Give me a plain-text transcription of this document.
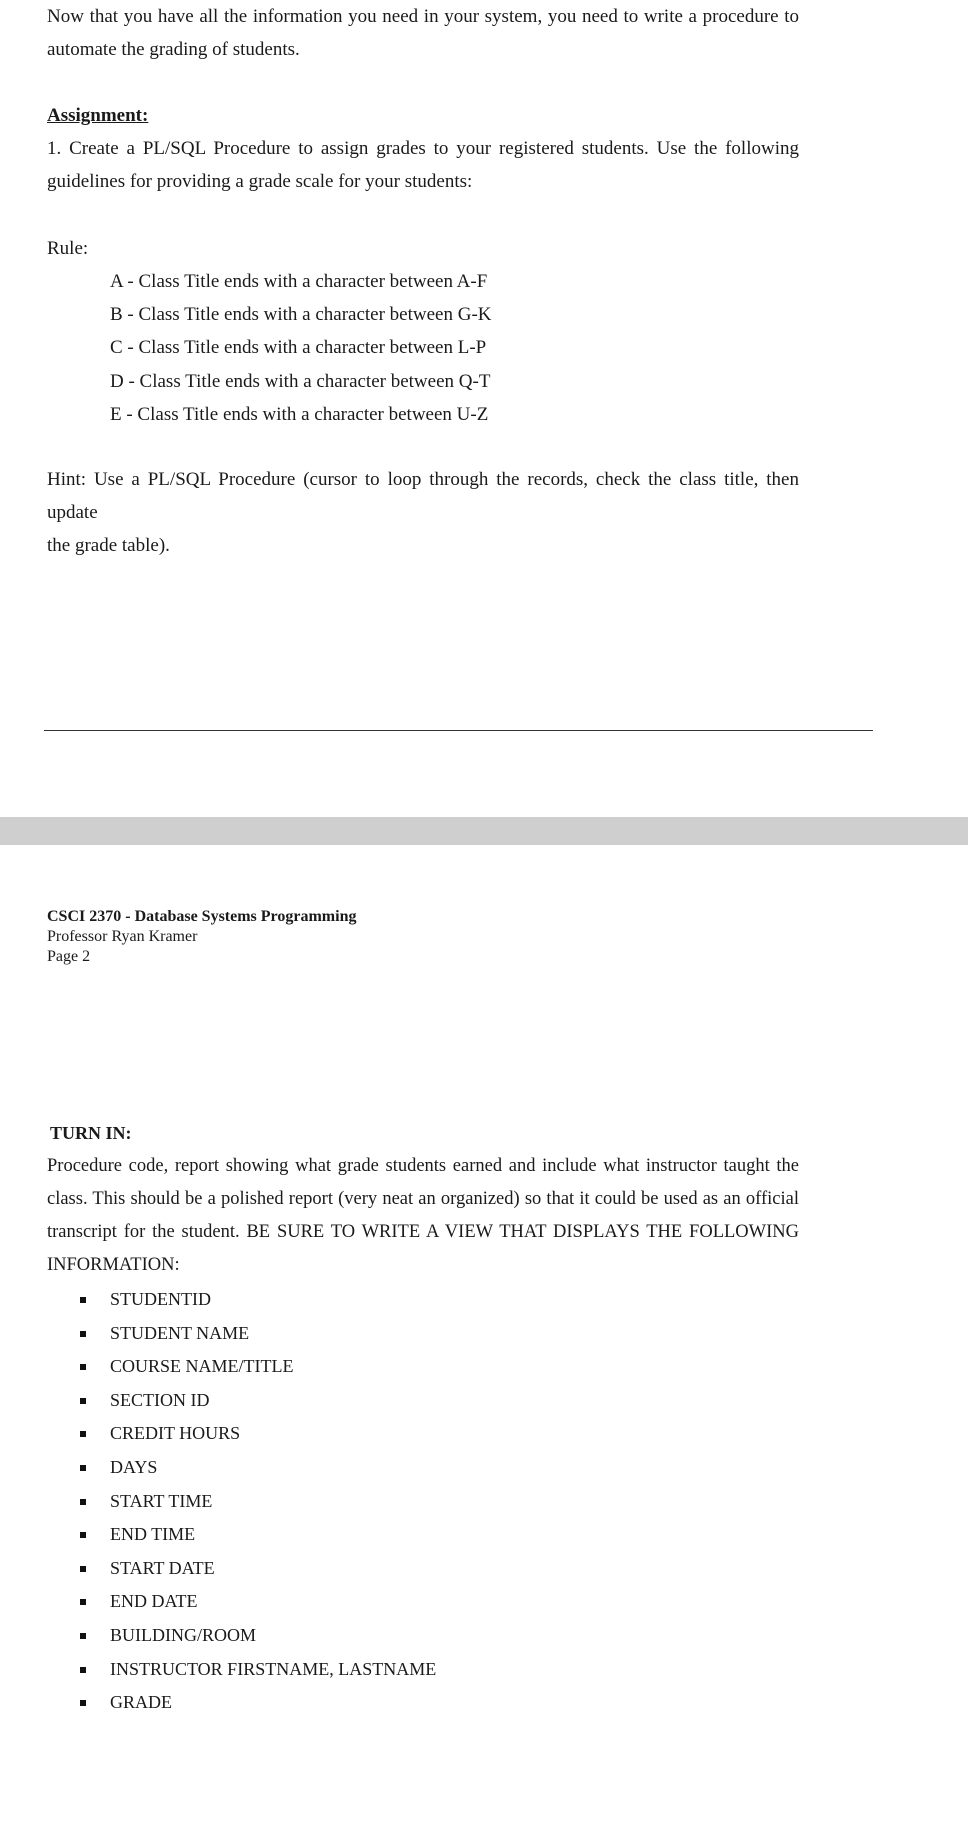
Now that you have all the information you need in your system, you need to write a procedure to
automate the grading of students.
Assignment:
1. Create a PL/SQL Procedure to assign grades to your registered students. Use the following
guidelines for providing a grade scale for your students:
Rule:
A - Class Title ends with a character between A-F
B - Class Title ends with a character between G-K
C - Class Title ends with a character between L-P
D - Class Title ends with a character between Q-T
E - Class Title ends with a character between U-Z
Hint: Use a PL/SQL Procedure (cursor to loop through the records, check the class title, then update
the grade table).
CSCI 2370 - Database Systems Programming
Professor Ryan Kramer
Page 2
TURN IN:
Procedure code, report showing what grade students earned and include what instructor taught the
class. This should be a polished report (very neat an organized) so that it could be used as an official
transcript for the student. BE SURE TO WRITE A VIEW THAT DISPLAYS THE FOLLOWING
INFORMATION:
STUDENTID
STUDENT NAME
COURSE NAME/TITLE
SECTION ID
CREDIT HOURS
DAYS
START TIME
END TIME
START DATE
END DATE
BUILDING/ROOM
INSTRUCTOR FIRSTNAME, LASTNAME
GRADE
